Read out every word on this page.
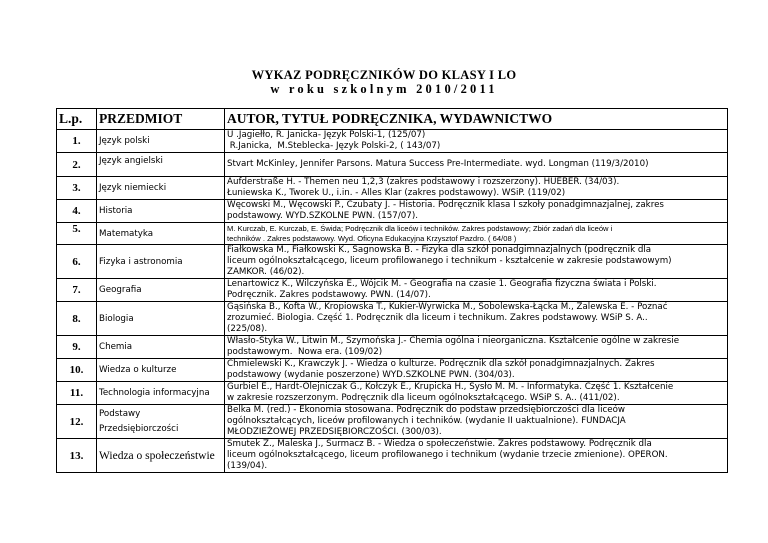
WYKAZ PODRĘCZNIKÓW DO KLASY I LO
w roku szkolnym 2010/2011
L.p.	PRZEDMIOT	AUTOR, TYTUŁ PODRĘCZNIKA, WYDAWNICTWO
1.	Język polski	U .Jagiełło, R. Janicka- Język Polski-1, (125/07)
R.Janicka,  M.Steblecka- Język Polski-2, ( 143/07)

2.	Język angielski	Stvart McKinley, Jennifer Parsons. Matura Success Pre-Intermediate. wyd. Longman (119/3/2010)

3.	Język niemiecki	Aufderstraße H. - Themen neu 1,2,3 (zakres podstawowy i rozszerzony). HUEBER. (34/03).
Łuniewska K., Tworek U., i.in. - Alles Klar (zakres podstawowy). WSiP. (119/02)

4.	Historia	Węcowski M., Węcowski P., Czubaty J. - Historia. Podręcznik klasa I szkoły ponadgimnazjalnej, zakres
podstawowy. WYD.SZKOLNE PWN. (157/07).

5.	Matematyka	M. Kurczab, E. Kurczab, E. Świda; Podręcznik dla liceów i techników. Zakres podstawowy; Zbiór zadań dla liceów i
techników . Zakres podstawowy. Wyd. Oficyna Edukacyjna Krzysztof Pazdro. ( 64/08 )

6.	Fizyka i astronomia	Fiałkowska M., Fiałkowski K., Sagnowska B. - Fizyka dla szkół ponadgimnazjalnych (podręcznik dla
liceum ogólnokształcącego, liceum profilowanego i technikum - kształcenie w zakresie podstawowym)
ZAMKOR. (46/02).

7.	Geografia	Lenartowicz K., Wilczyńska E., Wójcik M. - Geografia na czasie 1. Geografia fizyczna świata i Polski.
Podręcznik. Zakres podstawowy. PWN. (14/07).

8.	Biologia	Gąsińska B., Kofta W., Kropiowska T., Kukier-Wyrwicka M., Sobolewska-Łącka M., Zalewska E. - Poznać
zrozumieć. Biologia. Część 1. Podręcznik dla liceum i technikum. Zakres podstawowy. WSiP S. A..
(225/08).

9.	Chemia	Własło-Styka W., Litwin M., Szymońska J.- Chemia ogólna i nieorganiczna. Kształcenie ogólne w zakresie
podstawowym.  Nowa era. (109/02)

10.	Wiedza o kulturze	Chmielewski K., Krawczyk J. - Wiedza o kulturze. Podręcznik dla szkół ponadgimnazjalnych. Zakres
podstawowy (wydanie poszerzone) WYD.SZKOLNE PWN. (304/03).

11.	Technologia informacyjna	Gurbiel E., Hardt-Olejniczak G., Kołczyk E., Krupicka H., Sysło M. M. - Informatyka. Część 1. Kształcenie
w zakresie rozszerzonym. Podręcznik dla liceum ogólnokształcącego. WSiP S. A.. (411/02).

12.	Podstawy
Przedsiębiorczości	Belka M. (red.) - Ekonomia stosowana. Podręcznik do podstaw przedsiębiorczości dla liceów
ogólnokształcących, liceów profilowanych i techników. (wydanie II uaktualnione). FUNDACJA
MŁODZIEŻOWEJ PRZEDSIĘBIORCZOŚCI. (300/03).

13.	Wiedza o społeczeństwie	Smutek Z., Maleska J., Surmacz B. - Wiedza o społeczeństwie. Zakres podstawowy. Podręcznik dla
liceum ogólnokształcącego, liceum profilowanego i technikum (wydanie trzecie zmienione). OPERON.
(139/04).
